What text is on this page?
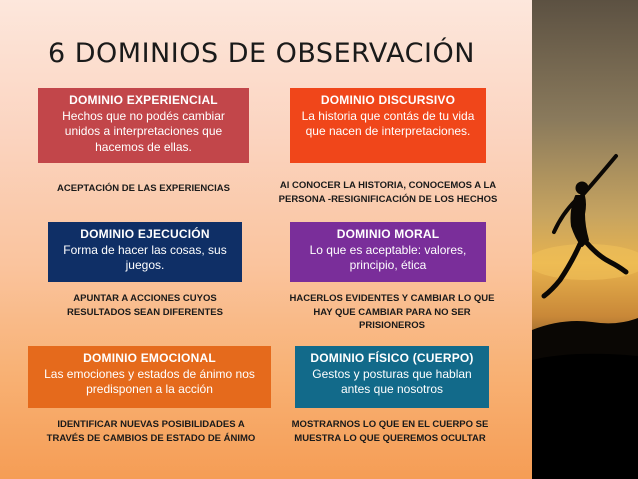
6 DOMINIOS DE OBSERVACIÓN
DOMINIO EXPERIENCIAL
Hechos que no podés cambiar unidos a interpretaciones que hacemos de ellas.
DOMINIO DISCURSIVO
La historia que contás de tu vida que nacen de interpretaciones.
DOMINIO EJECUCIÓN
Forma de hacer las cosas, sus juegos.
DOMINIO MORAL
Lo que es aceptable: valores, principio, ética
DOMINIO EMOCIONAL
Las emociones y estados de ánimo nos predisponen a la acción
DOMINIO FÍSICO (CUERPO)
Gestos y posturas que hablan antes que nosotros
ACEPTACIÓN DE LAS EXPERIENCIAS	Al CONOCER LA HISTORIA, CONOCEMOS A LA PERSONA -RESIGNIFICACIÓN DE LOS HECHOS
APUNTAR A ACCIONES CUYOS RESULTADOS SEAN DIFERENTES
HACERLOS EVIDENTES Y CAMBIAR LO QUE HAY QUE CAMBIAR PARA NO SER PRISIONEROS
IDENTIFICAR NUEVAS POSIBILIDADES A TRAVÉS DE CAMBIOS DE ESTADO DE ÁNIMO
MOSTRARNOS LO QUE EN EL CUERPO SE MUESTRA LO QUE QUEREMOS OCULTAR
